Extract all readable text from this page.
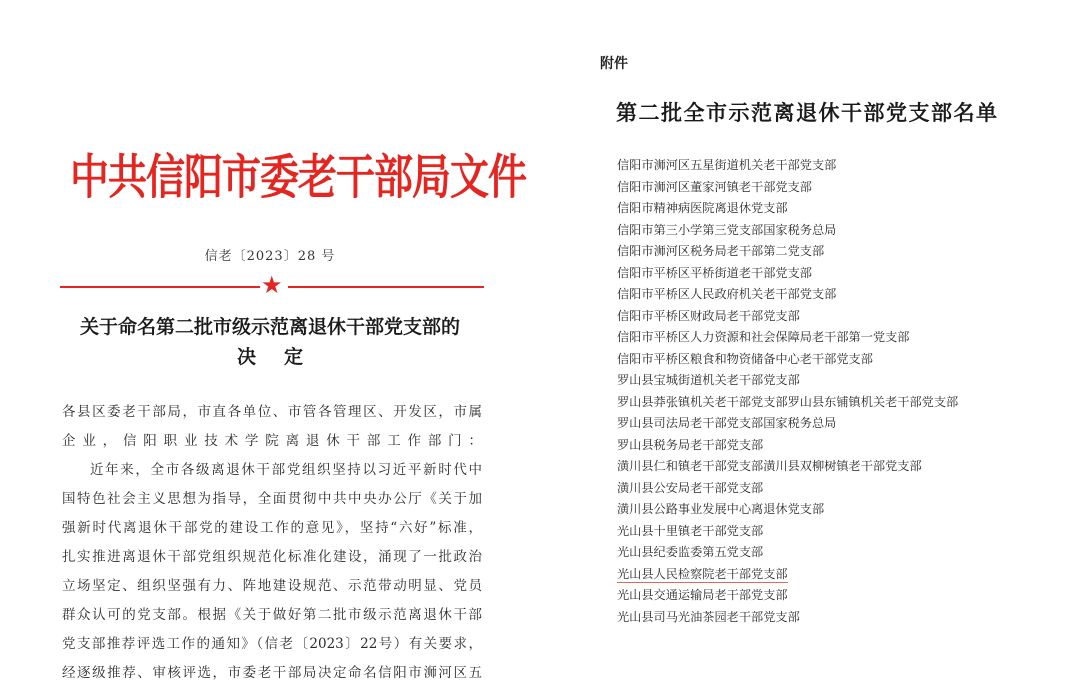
中共信阳市委老干部局文件
信老〔2023〕28 号
★
关于命名第二批市级示范离退休干部党支部的
决定
各县区委老干部局，市直各单位、市管各管理区、开发区，市属
企业，信阳职业技术学院离退休干部工作部门：
近年来，全市各级离退休干部党组织坚持以习近平新时代中
国特色社会主义思想为指导，全面贯彻中共中央办公厅《关于加
强新时代离退休干部党的建设工作的意见》，坚持“六好”标准，
扎实推进离退休干部党组织规范化标准化建设，涌现了一批政治
立场坚定、组织坚强有力、阵地建设规范、示范带动明显、党员
群众认可的党支部。根据《关于做好第二批市级示范离退休干部
党支部推荐评选工作的通知》（信老〔2023〕22号）有关要求，
经逐级推荐、审核评选，市委老干部局决定命名信阳市浉河区五
附件
第二批全市示范离退休干部党支部名单
信阳市浉河区五星街道机关老干部党支部
信阳市浉河区董家河镇老干部党支部
信阳市精神病医院离退休党支部
信阳市第三小学第三党支部国家税务总局
信阳市浉河区税务局老干部第二党支部
信阳市平桥区平桥街道老干部党支部
信阳市平桥区人民政府机关老干部党支部
信阳市平桥区财政局老干部党支部
信阳市平桥区人力资源和社会保障局老干部第一党支部
信阳市平桥区粮食和物资储备中心老干部党支部
罗山县宝城街道机关老干部党支部
罗山县莽张镇机关老干部党支部罗山县东铺镇机关老干部党支部
罗山县司法局老干部党支部国家税务总局
罗山县税务局老干部党支部
潢川县仁和镇老干部党支部潢川县双柳树镇老干部党支部
潢川县公安局老干部党支部
潢川县公路事业发展中心离退休党支部
光山县十里镇老干部党支部
光山县纪委监委第五党支部
光山县人民检察院老干部党支部
光山县交通运输局老干部党支部
光山县司马光油茶园老干部党支部
